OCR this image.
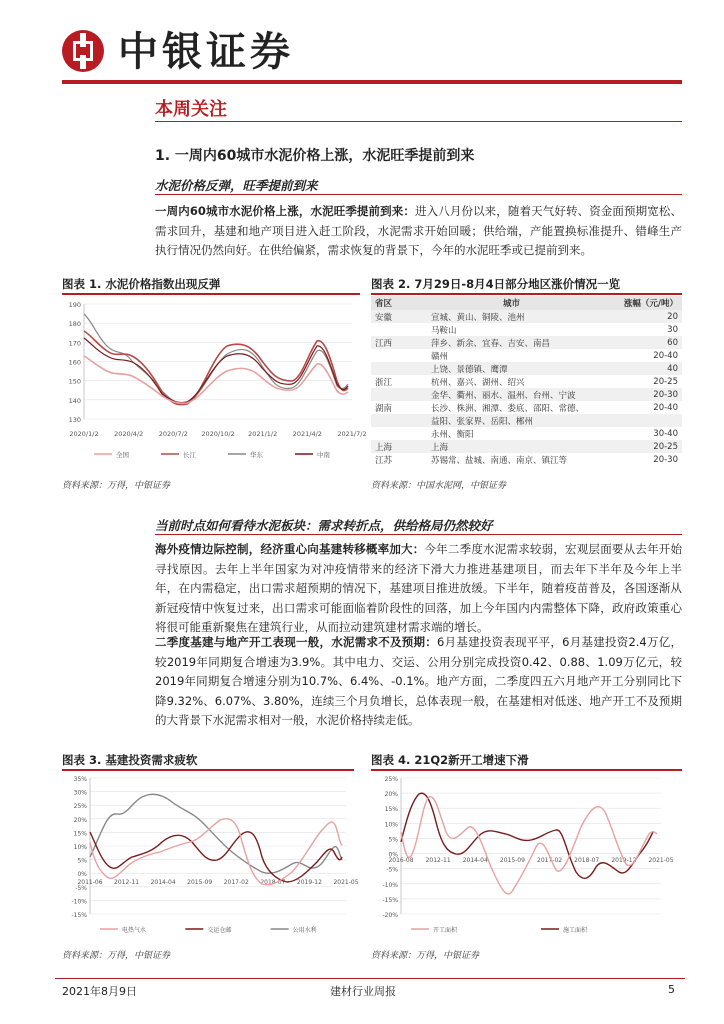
中银证券
本周关注
1. 一周内60城市水泥价格上涨，水泥旺季提前到来
水泥价格反弹，旺季提前到来
一周内60城市水泥价格上涨，水泥旺季提前到来：进入八月份以来，随着天气好转、资金面预期宽松、需求回升，基建和地产项目进入赶工阶段，水泥需求开始回暖；供给端，产能置换标准提升、错峰生产执行情况仍然向好。在供给偏紧，需求恢复的背景下，今年的水泥旺季或已提前到来。
图表 1. 水泥价格指数出现反弹
190
180
170
160
150
140
130
2020/1/2 2020/4/2 2020/7/2 2020/10/2 2021/1/2 2021/4/2 2021/7/2
全国	长江	华东	中南
资料来源：万得，中银证券
图表 2. 7月29日-8月4日部分地区涨价情况一览
省区	城市	涨幅（元/吨）
安徽	宣城、黄山、铜陵、池州	20
	马鞍山	30
江西	萍乡、新余、宜春、吉安、南昌	60
	赣州	20-40
	上饶、景德镇、鹰潭	40
浙江	杭州、嘉兴、湖州、绍兴	20-25
	金华、衢州、丽水、温州、台州、宁波	20-30
湖南	长沙、株洲、湘潭、娄底、邵阳、常德、	20-40
	益阳、张家界、岳阳、郴州	
	永州、衡阳	30-40
上海	上海	20-25
江苏	苏锡常、盐城、南通、南京、镇江等	20-30
资料来源：中国水泥网，中银证券
当前时点如何看待水泥板块：需求转折点，供给格局仍然较好
海外疫情边际控制，经济重心向基建转移概率加大：今年二季度水泥需求较弱，宏观层面要从去年开始寻找原因。去年上半年国家为对冲疫情带来的经济下滑大力推进基建项目，而去年下半年及今年上半年，在内需稳定，出口需求超预期的情况下，基建项目推进放缓。下半年，随着疫苗普及，各国逐渐从新冠疫情中恢复过来，出口需求可能面临着阶段性的回落，加上今年国内内需整体下降，政府政策重心将很可能重新聚焦在建筑行业，从而拉动建筑建材需求端的增长。
二季度基建与地产开工表现一般，水泥需求不及预期：6月基建投资表现平平，6月基建投资2.4万亿，较2019年同期复合增速为3.9%。其中电力、交运、公用分别完成投资0.42、0.88、1.09万亿元，较2019年同期复合增速分别为10.7%、6.4%、-0.1%。地产方面，二季度四五六月地产开工分别同比下降9.32%、6.07%、3.80%，连续三个月负增长，总体表现一般，在基建相对低迷、地产开工不及预期的大背景下水泥需求相对一般，水泥价格持续走低。
图表 3. 基建投资需求疲软
35%
30%
25%
20%
15%
10%
5%
0%
-5%
-10%
-15%
2011-06 2012-11 2014-04 2015-09 2017-02 2018-07 2019-12 2021-05
电热气水	交运仓邮	公用水利
资料来源：万得，中银证券
图表 4. 21Q2新开工增速下滑
25%
20%
15%
10%
5%
0%
-5%
-10%
-15%
-20%
2016-08 2012-11 2014-04 2015-09 2017-02 2018-07 2019-12 2021-05
开工面积	施工面积
资料来源：万得，中银证券
2021年8月9日	建材行业周报	5
